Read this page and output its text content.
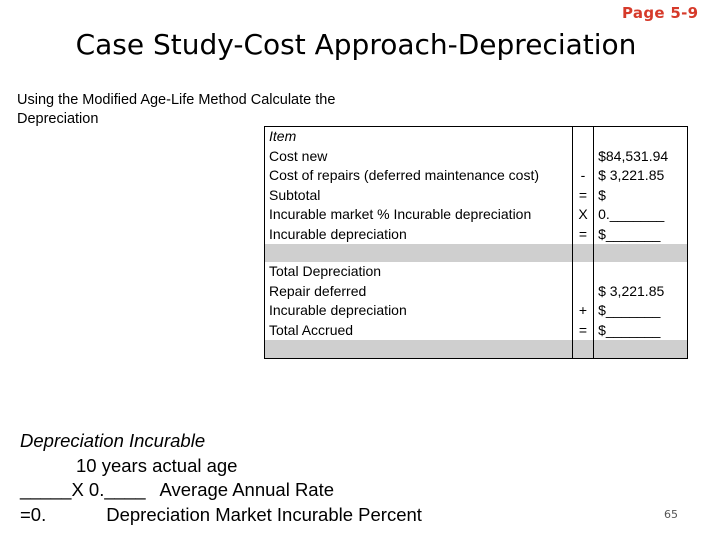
Page 5-9
Case Study-Cost Approach-Depreciation
Using the Modified Age-Life Method Calculate the
Depreciation
Item		
Cost new		$84,531.94
Cost of repairs (deferred maintenance cost)	-	$ 3,221.85
Subtotal	=	$
Incurable market % Incurable depreciation	X	0._______
Incurable depreciation	=	$_______

Total Depreciation		
Repair deferred		$ 3,221.85
Incurable depreciation	+	$_______
Total Accrued	=	$_______

Depreciation Incurable
10 years actual age
_____X 0.____ Average Annual Rate
=0.	Depreciation Market Incurable Percent	65
